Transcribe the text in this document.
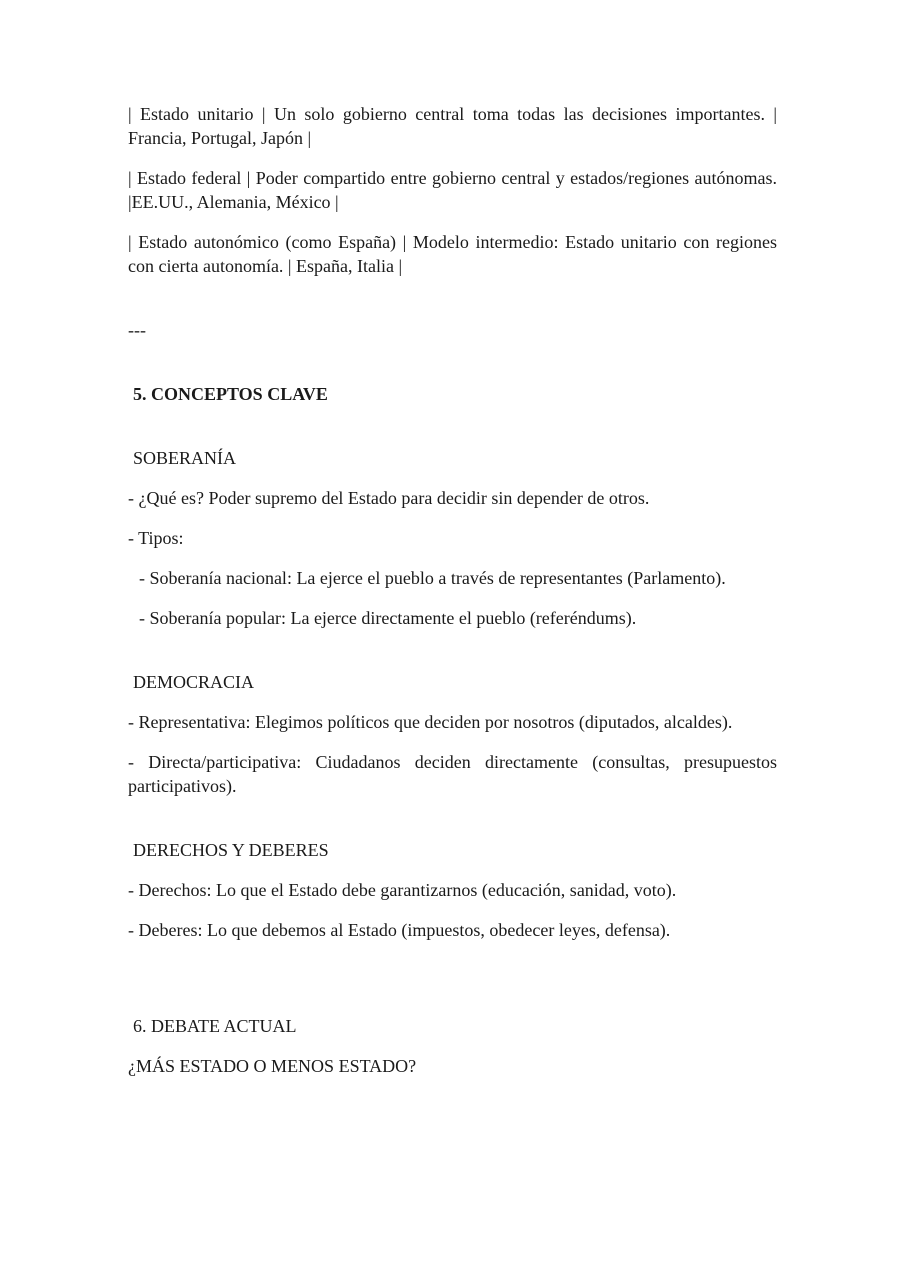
| Estado unitario | Un solo gobierno central toma todas las decisiones importantes. | Francia, Portugal, Japón |

| Estado federal | Poder compartido entre gobierno central y estados/regiones autónomas. |EE.UU., Alemania, México |

| Estado autonómico (como España) | Modelo intermedio: Estado unitario con regiones con cierta autonomía. | España, Italia |

---

5. CONCEPTOS CLAVE

SOBERANÍA

- ¿Qué es? Poder supremo del Estado para decidir sin depender de otros.

- Tipos:

- Soberanía nacional: La ejerce el pueblo a través de representantes (Parlamento).

- Soberanía popular: La ejerce directamente el pueblo (referéndums).

DEMOCRACIA

- Representativa: Elegimos políticos que deciden por nosotros (diputados, alcaldes).

- Directa/participativa: Ciudadanos deciden directamente (consultas, presupuestos participativos).

DERECHOS Y DEBERES

- Derechos: Lo que el Estado debe garantizarnos (educación, sanidad, voto).

- Deberes: Lo que debemos al Estado (impuestos, obedecer leyes, defensa).

6. DEBATE ACTUAL

¿MÁS ESTADO O MENOS ESTADO?
